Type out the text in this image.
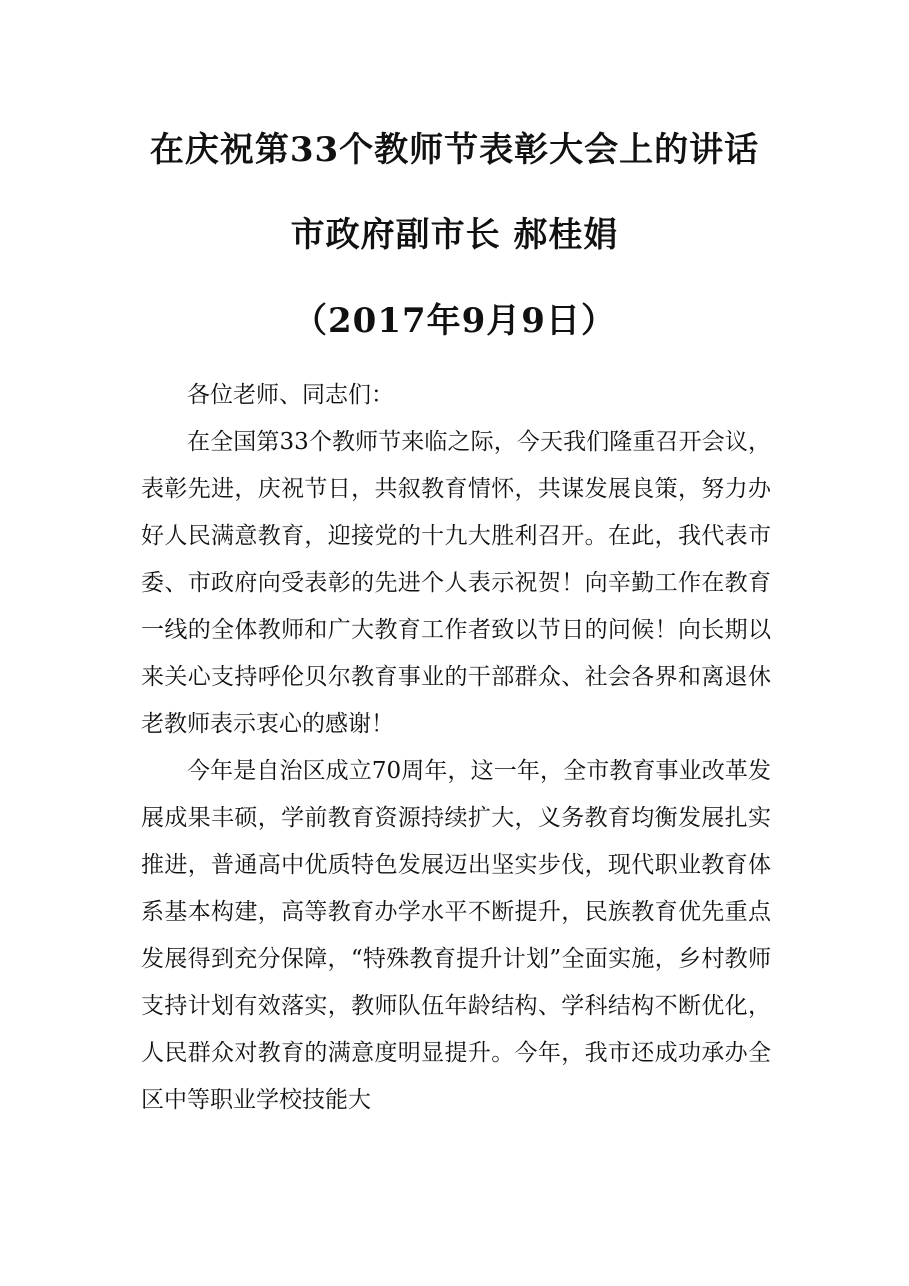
在庆祝第33个教师节表彰大会上的讲话
市政府副市长 郝桂娟
（2017年9月9日）

各位老师、同志们：

在全国第33个教师节来临之际，今天我们隆重召开会议，表彰先进，庆祝节日，共叙教育情怀，共谋发展良策，努力办好人民满意教育，迎接党的十九大胜利召开。在此，我代表市委、市政府向受表彰的先进个人表示祝贺！向辛勤工作在教育一线的全体教师和广大教育工作者致以节日的问候！向长期以来关心支持呼伦贝尔教育事业的干部群众、社会各界和离退休老教师表示衷心的感谢！

今年是自治区成立70周年，这一年，全市教育事业改革发展成果丰硕，学前教育资源持续扩大，义务教育均衡发展扎实推进，普通高中优质特色发展迈出坚实步伐，现代职业教育体系基本构建，高等教育办学水平不断提升，民族教育优先重点发展得到充分保障，“特殊教育提升计划”全面实施，乡村教师支持计划有效落实，教师队伍年龄结构、学科结构不断优化，人民群众对教育的满意度明显提升。今年，我市还成功承办全区中等职业学校技能大
